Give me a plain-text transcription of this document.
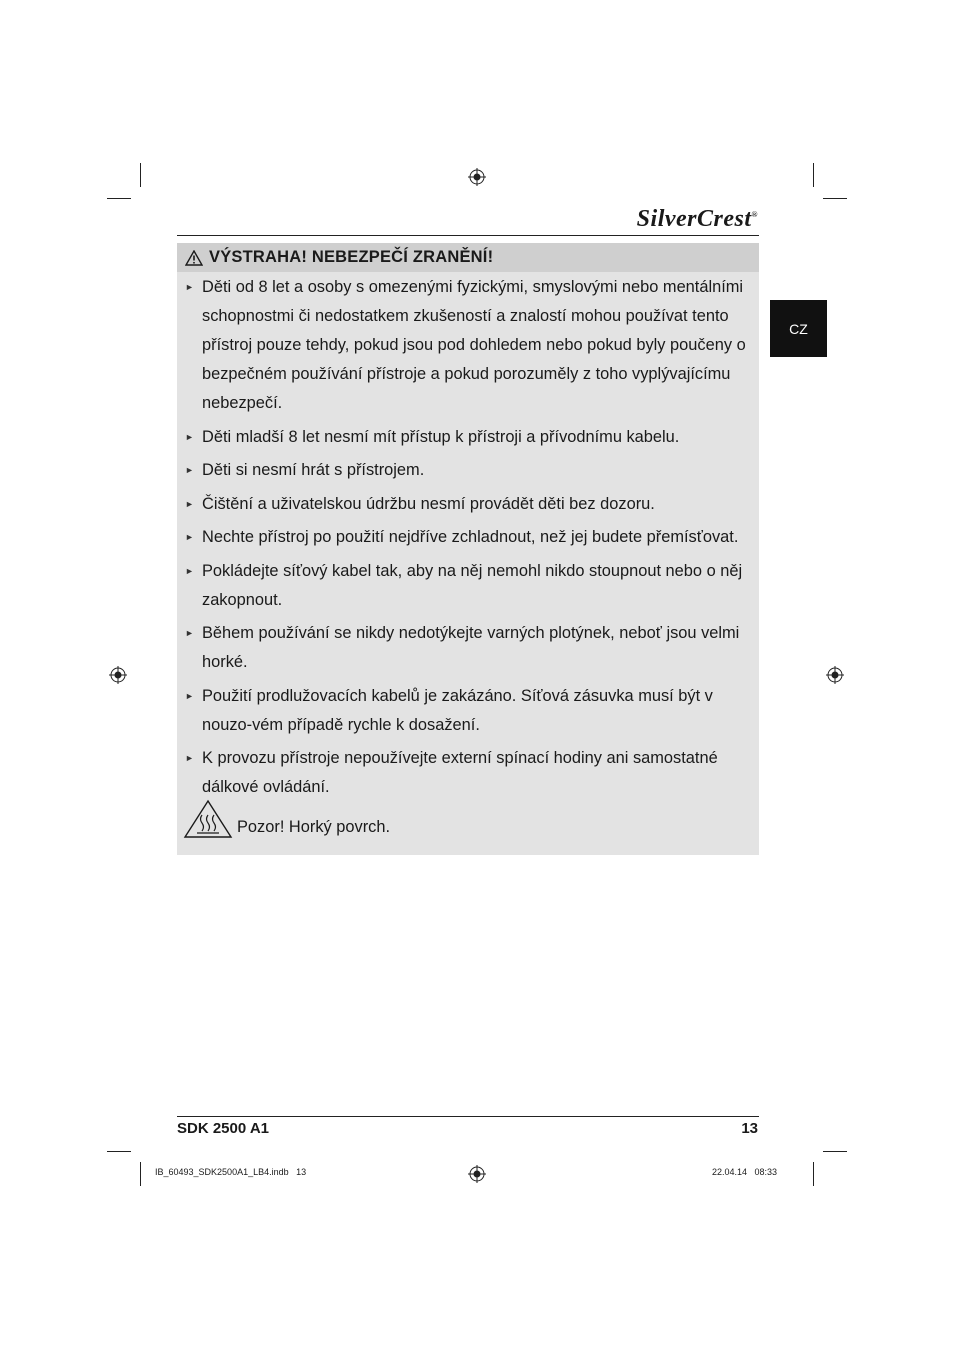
SilverCrest®
CZ
VÝSTRAHA! NEBEZPEČÍ ZRANĚNÍ!
► Děti od 8 let a osoby s omezenými fyzickými, smyslovými nebo mentálními schopnostmi či nedostatkem zkušeností a znalostí mohou používat tento přístroj pouze tehdy, pokud jsou pod dohledem nebo pokud byly poučeny o bezpečném používání přístroje a pokud porozuměly z toho vyplývajícímu nebezpečí.
► Děti mladší 8 let nesmí mít přístup k přístroji a přívodnímu kabelu.
► Děti si nesmí hrát s přístrojem.
► Čištění a uživatelskou údržbu nesmí provádět děti bez dozoru.
► Nechte přístroj po použití nejdříve zchladnout, než jej budete přemísťovat.
► Pokládejte síťový kabel tak, aby na něj nemohl nikdo stoupnout nebo o něj zakopnout.
► Během používání se nikdy nedotýkejte varných plotýnek, neboť jsou velmi horké.
► Použití prodlužovacích kabelů je zakázáno. Síťová zásuvka musí být v nouzo-vém případě rychle k dosažení.
► K provozu přístroje nepoužívejte externí spínací hodiny ani samostatné dálkové ovládání.
Pozor! Horký povrch.
SDK 2500 A1	13
IB_60493_SDK2500A1_LB4.indb   13	22.04.14   08:33
